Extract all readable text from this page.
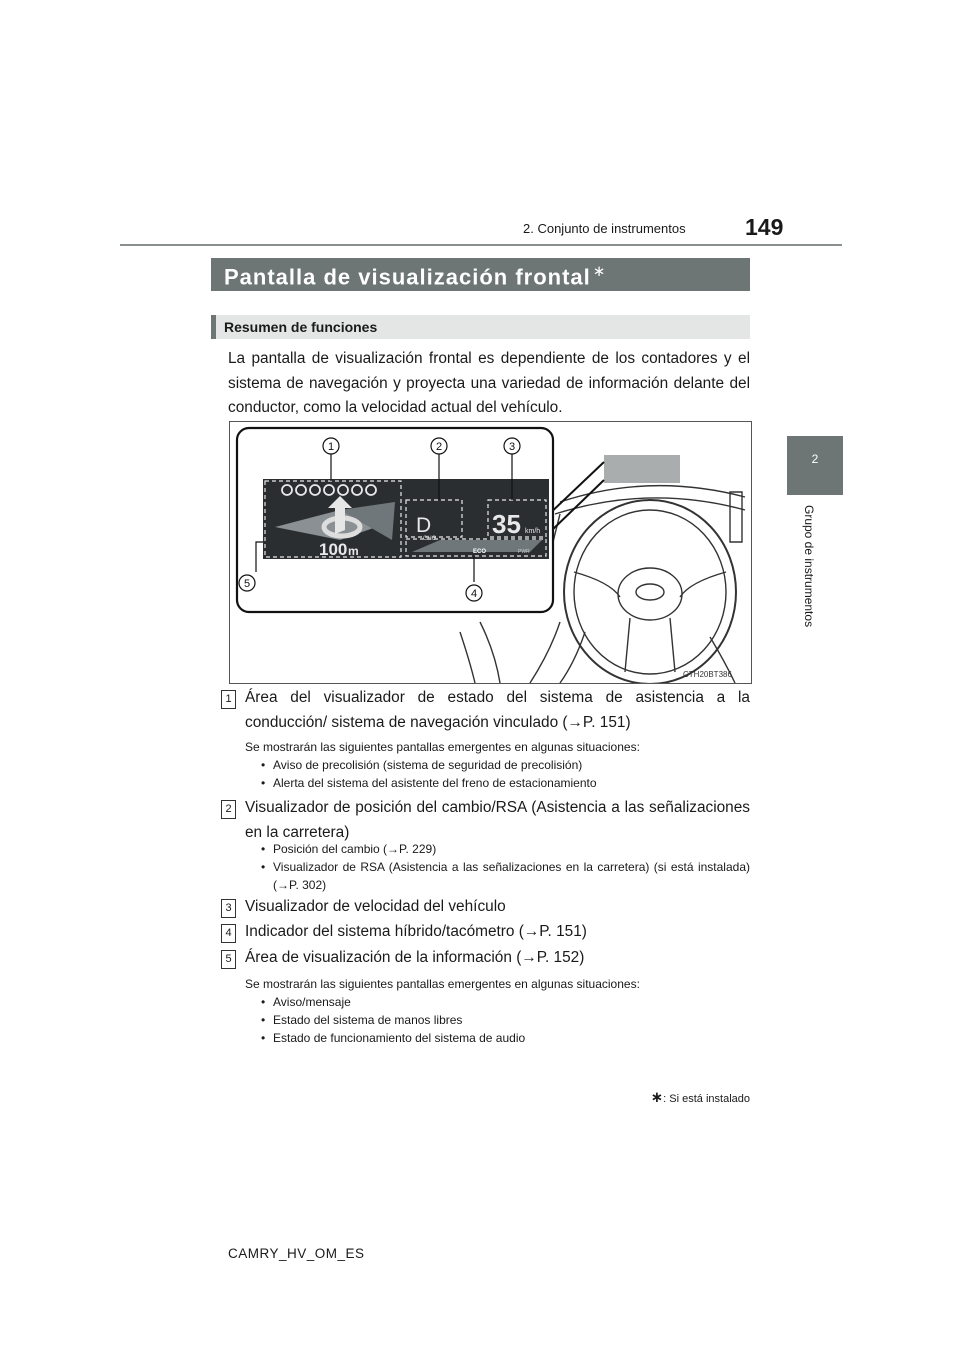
2. Conjunto de instrumentos	149
2
Grupo de instrumentos
Pantalla de visualización frontal ∗
Resumen de funciones
La pantalla de visualización frontal es dependiente de los contadores y el sistema de navegación y proyecta una variedad de información delante del conductor, como la velocidad actual del vehículo.
100 m
D 35 km/h
CHG
ECO	PWR
1	2	3
4
5
CTH20BT386
1 Área del visualizador de estado del sistema de asistencia a la conducción/ sistema de navegación vinculado (→P. 151)
Se mostrarán las siguientes pantallas emergentes en algunas situaciones:
• Aviso de precolisión (sistema de seguridad de precolisión)
• Alerta del sistema del asistente del freno de estacionamiento
2 Visualizador de posición del cambio/RSA (Asistencia a las señalizaciones en la carretera)
• Posición del cambio (→P. 229)
• Visualizador de RSA (Asistencia a las señalizaciones en la carretera) (si está instalada) (→P. 302)
3 Visualizador de velocidad del vehículo
4 Indicador del sistema híbrido/tacómetro (→P. 151)
5 Área de visualización de la información (→P. 152)
Se mostrarán las siguientes pantallas emergentes en algunas situaciones:
• Aviso/mensaje
• Estado del sistema de manos libres
• Estado de funcionamiento del sistema de audio
∗: Si está instalado
CAMRY_HV_OM_ES
